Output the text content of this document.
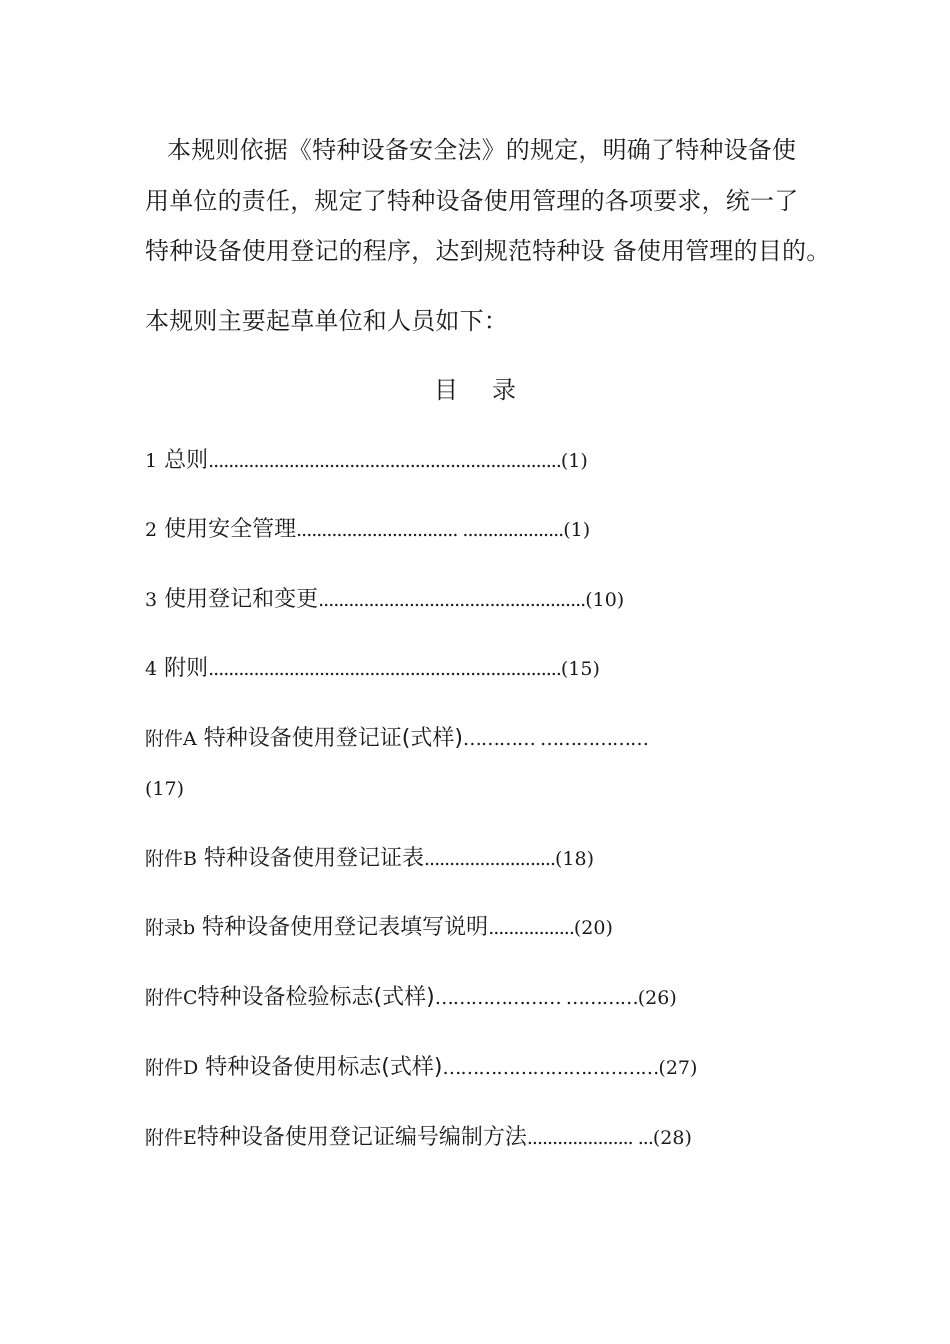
本规则依据《特种设备安全法》的规定，明确了特种设备使
用单位的责任，规定了特种设备使用管理的各项要求，统一了
特种设备使用登记的程序，达到规范特种设 备使用管理的目的。
本规则主要起草单位和人员如下：
目录
1 总则......................................................................(1)
2 使用安全管理................................ ....................(1)
3 使用登记和变更.....................................................(10)
4 附则......................................................................(15)
附件A 特种设备使用登记证(式样)………… ………………
(17)
附件B 特种设备使用登记证表..........................(18)
附录b 特种设备使用登记表填写说明.................(20)
附件C特种设备检验标志(式样)………………… …………(26)
附件D 特种设备使用标志(式样)………………………………(27)
附件E特种设备使用登记证编号编制方法..................... ...(28)
